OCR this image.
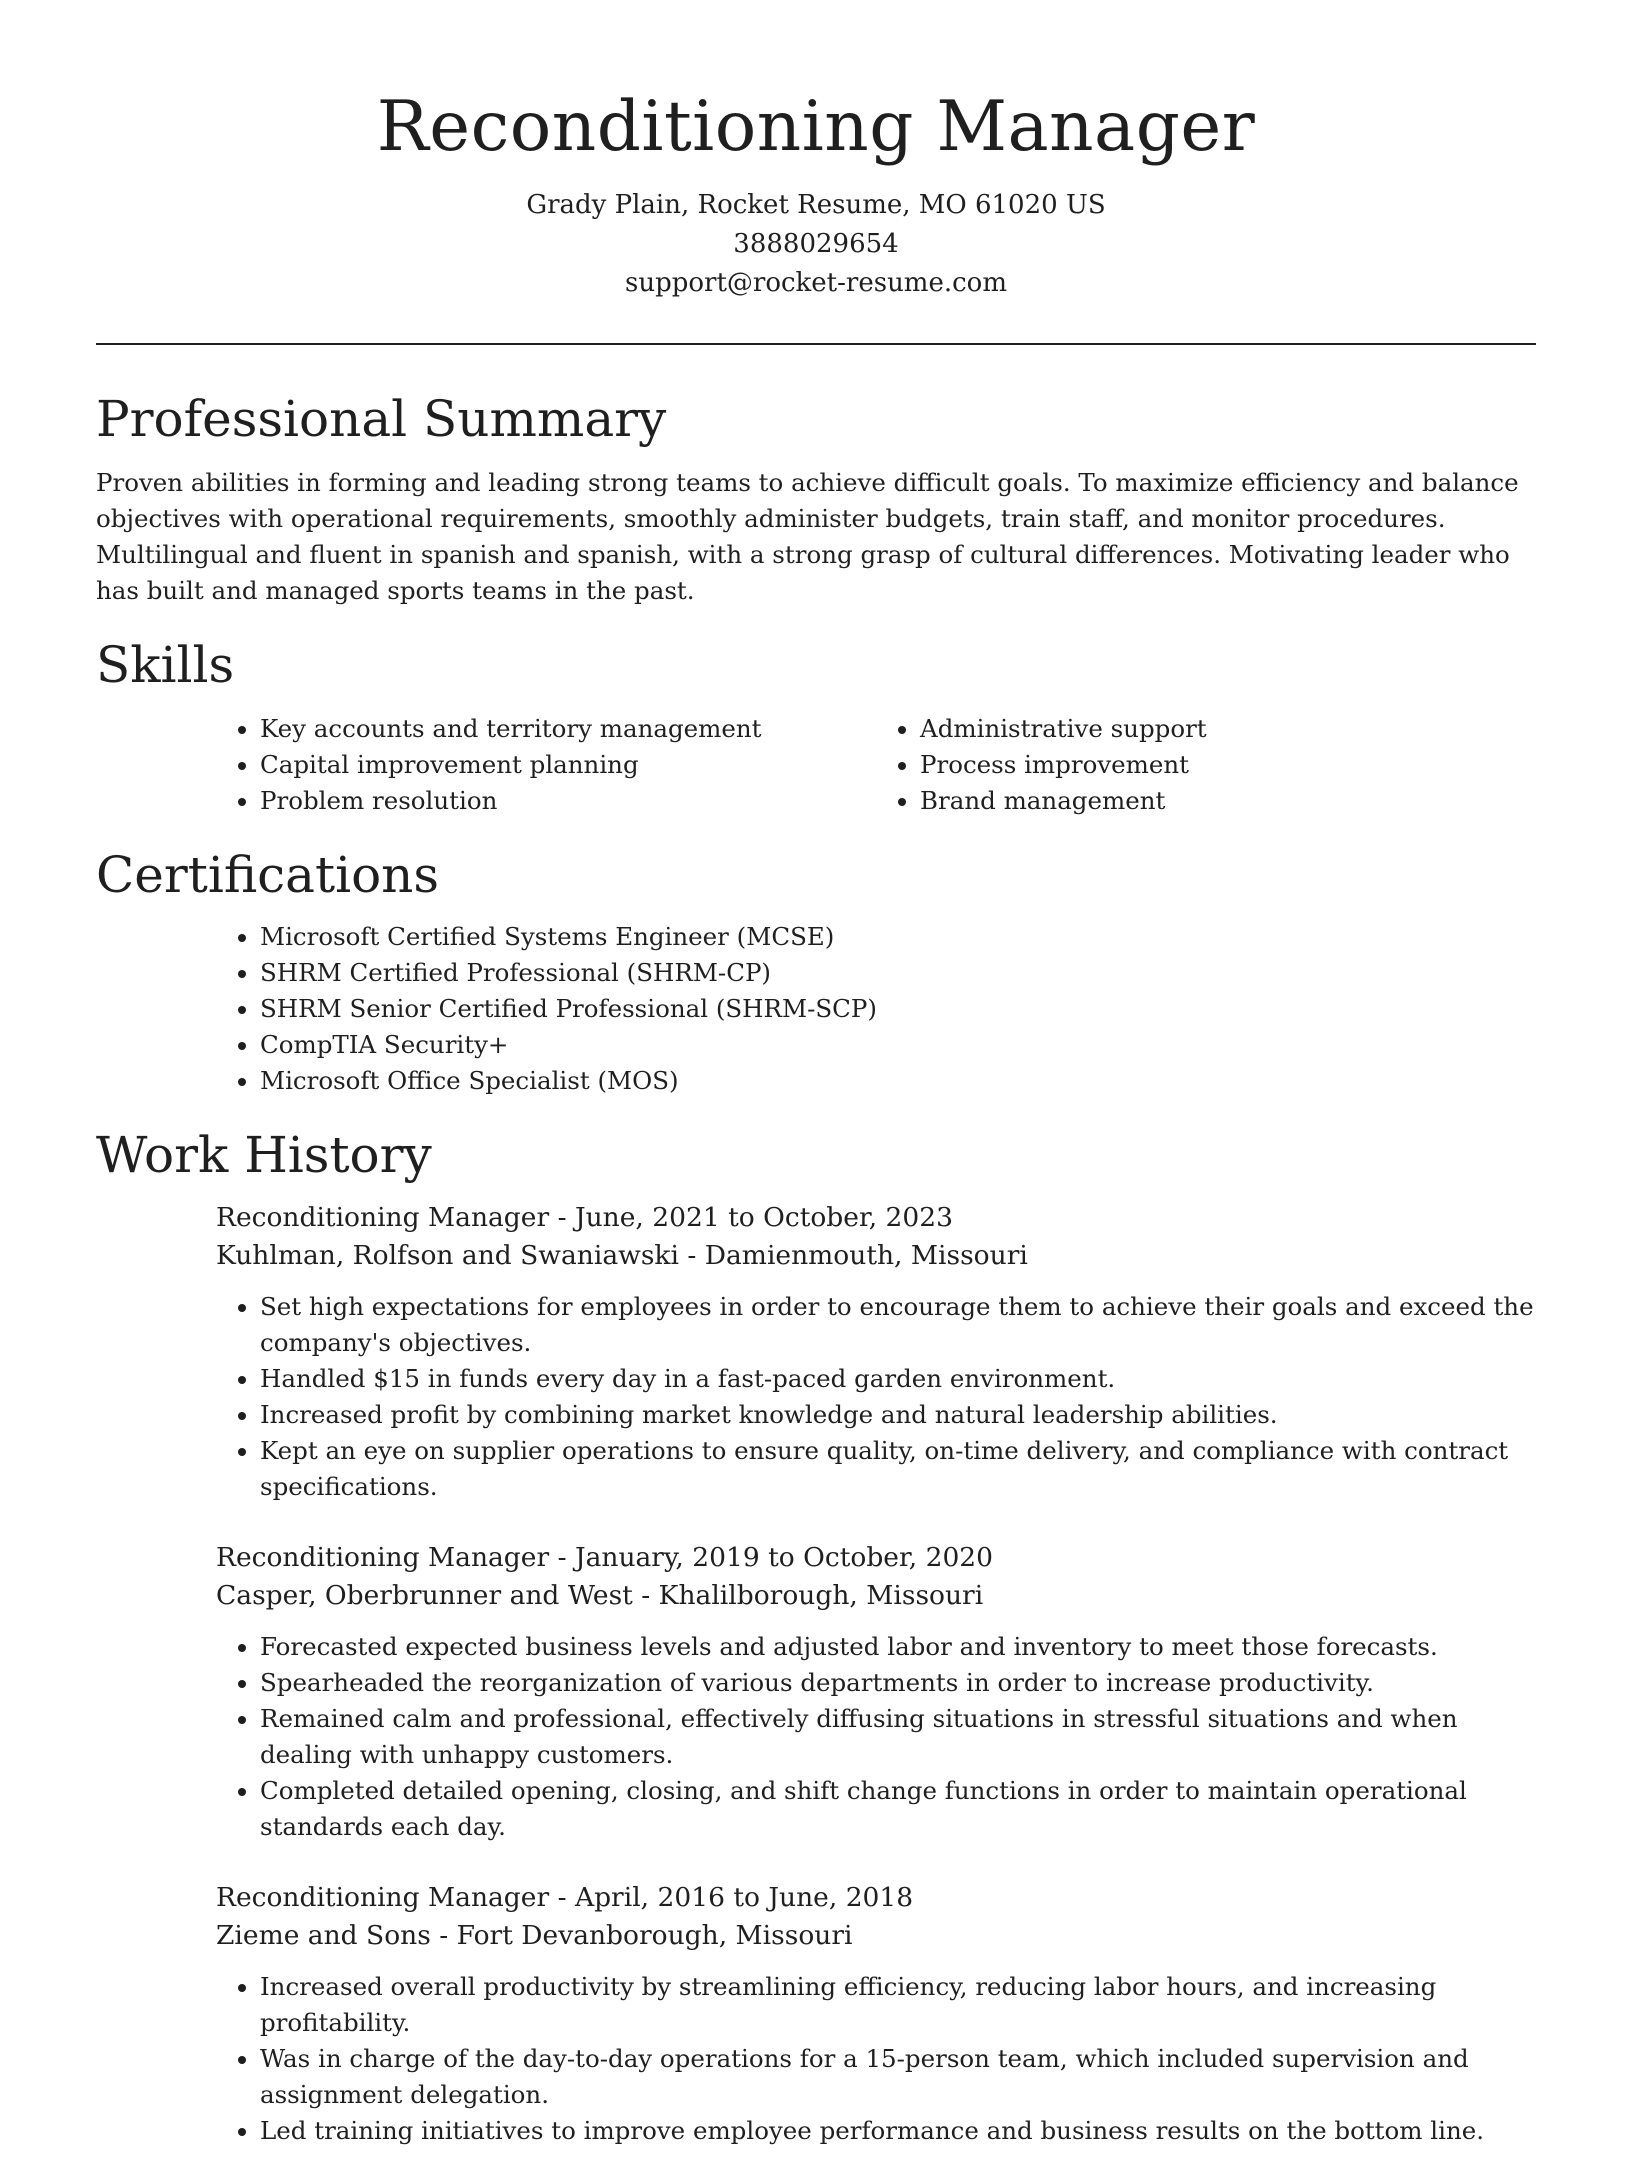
Reconditioning Manager

Grady Plain, Rocket Resume, MO 61020 US

3888029654

support@rocket-resume.com

Professional Summary

Proven abilities in forming and leading strong teams to achieve difficult goals. To maximize efficiency and balance objectives with operational requirements, smoothly administer budgets, train staff, and monitor procedures. Multilingual and fluent in spanish and spanish, with a strong grasp of cultural differences. Motivating leader who has built and managed sports teams in the past.

Skills
• Key accounts and territory management
• Capital improvement planning
• Problem resolution
• Administrative support
• Process improvement
• Brand management
Certifications
• Microsoft Certified Systems Engineer (MCSE)
• SHRM Certified Professional (SHRM-CP)
• SHRM Senior Certified Professional (SHRM-SCP)
• CompTIA Security+
• Microsoft Office Specialist (MOS)
Work History

Reconditioning Manager - June, 2021 to October, 2023

Kuhlman, Rolfson and Swaniawski - Damienmouth, Missouri

• Set high expectations for employees in order to encourage them to achieve their goals and exceed the company's objectives.
• Handled $15 in funds every day in a fast-paced garden environment.
• Increased profit by combining market knowledge and natural leadership abilities.
• Kept an eye on supplier operations to ensure quality, on-time delivery, and compliance with contract specifications.

Reconditioning Manager - January, 2019 to October, 2020

Casper, Oberbrunner and West - Khalilborough, Missouri

• Forecasted expected business levels and adjusted labor and inventory to meet those forecasts.
• Spearheaded the reorganization of various departments in order to increase productivity.
• Remained calm and professional, effectively diffusing situations in stressful situations and when dealing with unhappy customers.
• Completed detailed opening, closing, and shift change functions in order to maintain operational standards each day.

Reconditioning Manager - April, 2016 to June, 2018

Zieme and Sons - Fort Devanborough, Missouri

• Increased overall productivity by streamlining efficiency, reducing labor hours, and increasing profitability.
• Was in charge of the day-to-day operations for a 15-person team, which included supervision and assignment delegation.
• Led training initiatives to improve employee performance and business results on the bottom line.
